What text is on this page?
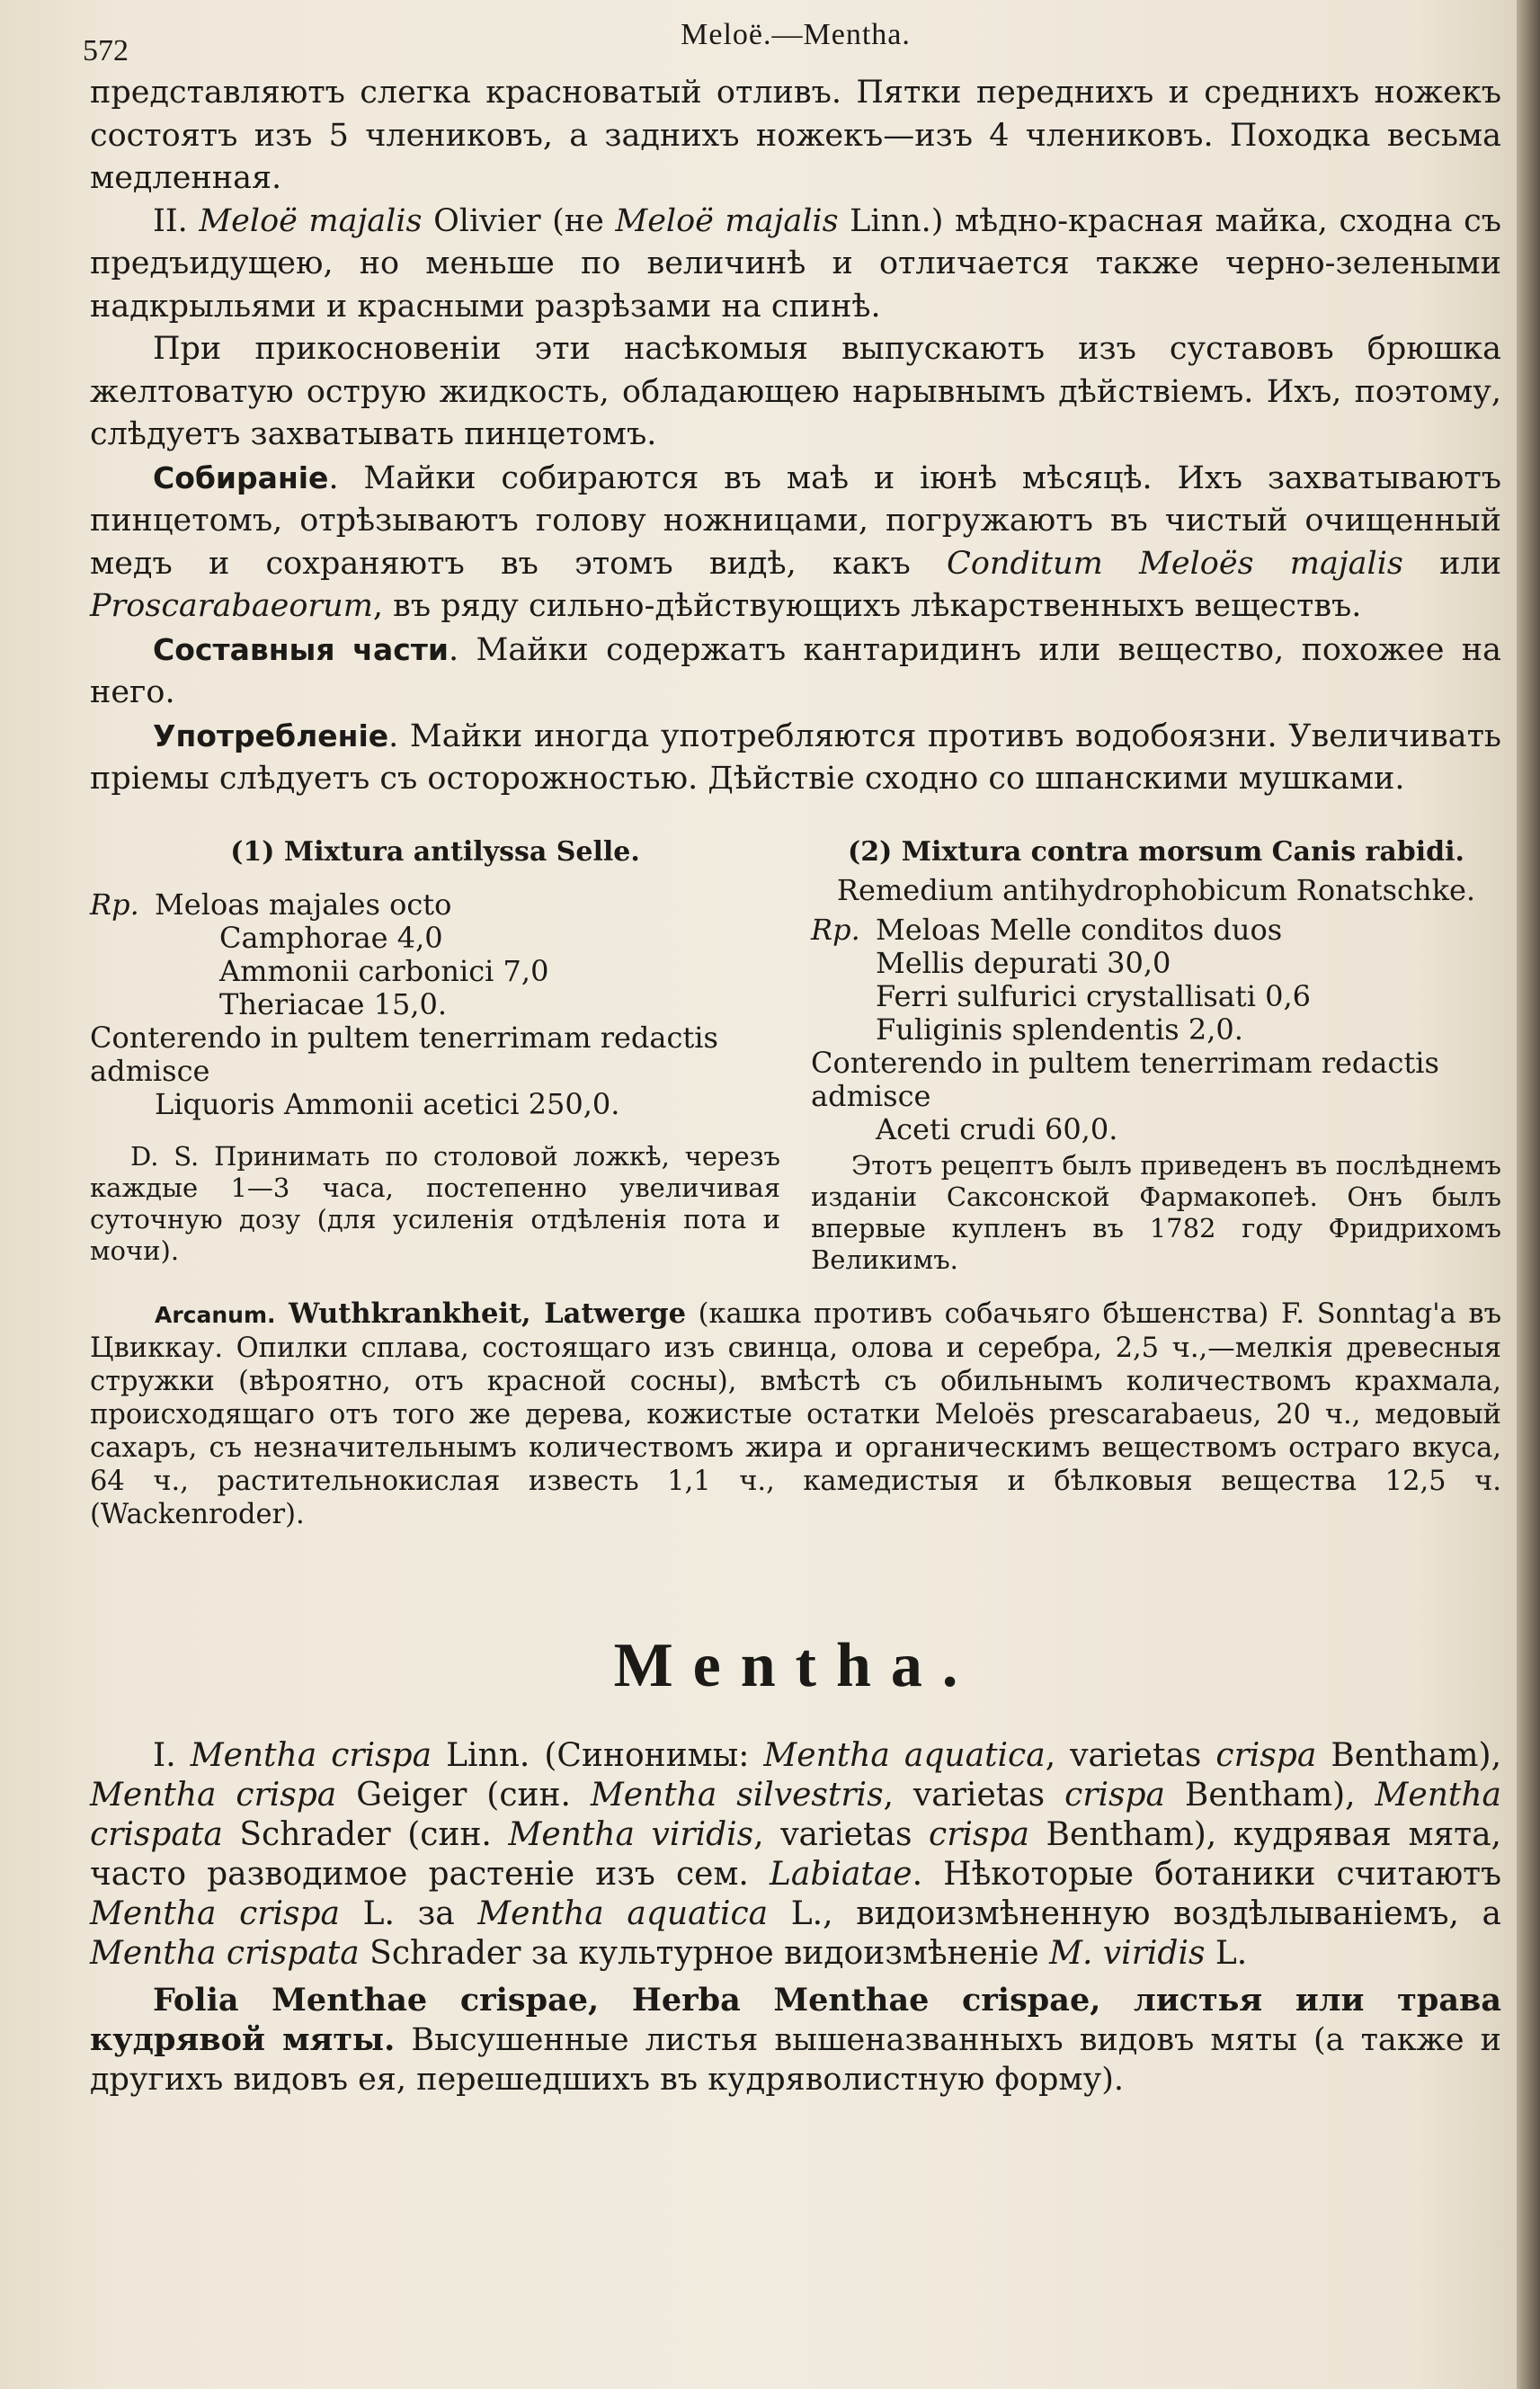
572	Meloë.—Mentha.

представляютъ слегка красноватый отливъ. Пятки переднихъ и среднихъ ножекъ состоятъ изъ 5 члениковъ, а заднихъ ножекъ—изъ 4 члениковъ. Походка весьма медленная.

II. Meloë majalis Olivier (не Meloë majalis Linn.) мѣдно-красная майка, сходна съ предъидущею, но меньше по величинѣ и отличается также черно-зелеными надкрыльями и красными разрѣзами на спинѣ.

При прикосновеніи эти насѣкомыя выпускаютъ изъ суставовъ брюшка желтоватую острую жидкость, обладающею нарывнымъ дѣйствіемъ. Ихъ, поэтому, слѣдуетъ захватывать пинцетомъ.

Собираніе. Майки собираются въ маѣ и іюнѣ мѣсяцѣ. Ихъ захватываютъ пинцетомъ, отрѣзываютъ голову ножницами, погружаютъ въ чистый очищенный медъ и сохраняютъ въ этомъ видѣ, какъ Conditum Meloës majalis или Proscarabaeorum, въ ряду сильно-дѣйствующихъ лѣкарственныхъ веществъ.

Составныя части. Майки содержатъ кантаридинъ или вещество, похожее на него.

Употребленіе. Майки иногда употребляются противъ водобоязни. Увеличивать пріемы слѣдуетъ съ осторожностью. Дѣйствіе сходно со шпанскими мушками.

(1) Mixtura antilyssa Selle.
Rp. Meloas majales octo
Camphorae 4,0
Ammonii carbonici 7,0
Theriacae 15,0.
Conterendo in pultem tenerrimam redactis admisce
Liquoris Ammonii acetici 250,0.

D. S. Принимать по столовой ложкѣ, черезъ каждые 1—3 часа, постепенно увеличивая суточную дозу (для усиленія отдѣленія пота и мочи).

(2) Mixtura contra morsum Canis rabidi.
Remedium antihydrophobicum Ronatschke.
Rp. Meloas Melle conditos duos
Mellis depurati 30,0
Ferri sulfurici crystallisati 0,6
Fuliginis splendentis 2,0.
Conterendo in pultem tenerrimam redactis admisce
Aceti crudi 60,0.

Этотъ рецептъ былъ приведенъ въ послѣднемъ изданіи Саксонской Фармакопеѣ. Онъ былъ впервые купленъ въ 1782 году Фридрихомъ Великимъ.

Arcanum. Wuthkrankheit, Latwerge (кашка противъ собачьяго бѣшенства) F. Sonntag'a въ Цвиккау. Опилки сплава, состоящаго изъ свинца, олова и серебра, 2,5 ч.,—мелкія древесныя стружки (вѣроятно, отъ красной сосны), вмѣстѣ съ обильнымъ количествомъ крахмала, происходящаго отъ того же дерева, кожистые остатки Meloës prescarabaeus, 20 ч., медовый сахаръ, съ незначительнымъ количествомъ жира и органическимъ веществомъ остраго вкуса, 64 ч., растительнокислая известь 1,1 ч., камедистыя и бѣлковыя вещества 12,5 ч. (Wackenroder).

Mentha.

I. Mentha crispa Linn. (Синонимы: Mentha aquatica, varietas crispa Bentham), Mentha crispa Geiger (син. Mentha silvestris, varietas crispa Bentham), Mentha crispata Schrader (син. Mentha viridis, varietas crispa Bentham), кудрявая мята, часто разводимое растеніе изъ сем. Labiatae. Нѣкоторые ботаники считаютъ Mentha crispa L. за Mentha aquatica L., видоизмѣненную воздѣлываніемъ, а Mentha crispata Schrader за культурное видоизмѣненіе M. viridis L.

Folia Menthae crispae, Herba Menthae crispae, листья или трава кудрявой мяты. Высушенные листья вышеназванныхъ видовъ мяты (а также и другихъ видовъ ея, перешедшихъ въ кудряволистную форму).
